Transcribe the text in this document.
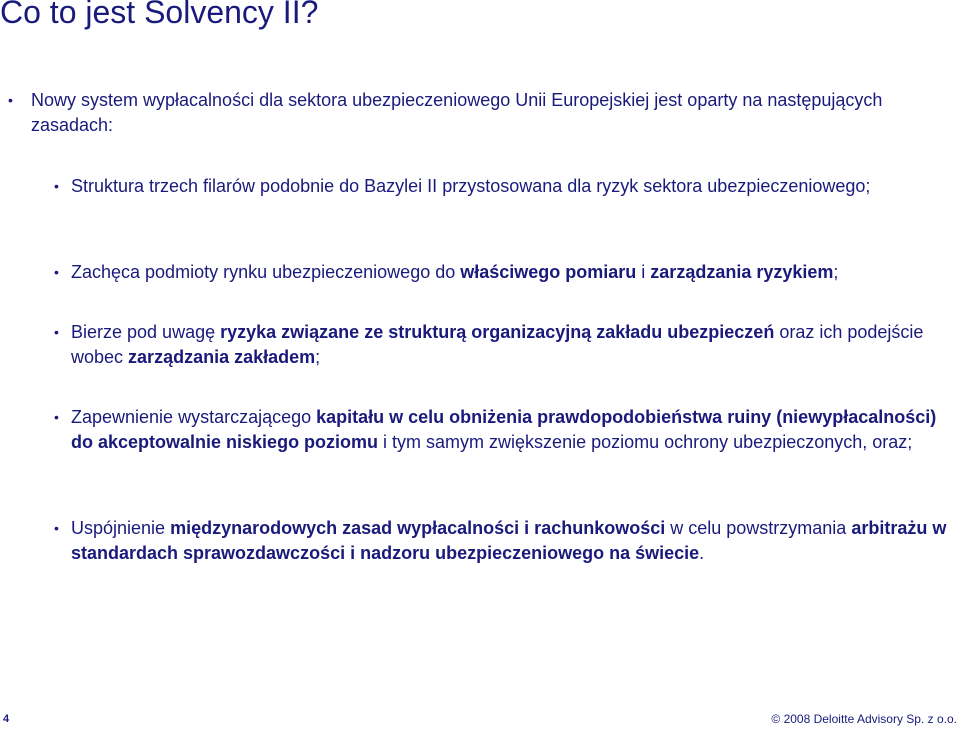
Co to jest Solvency II?
•	Nowy system wypłacalności dla sektora ubezpieczeniowego Unii Europejskiej jest oparty na następujących zasadach:
• Struktura trzech filarów podobnie do Bazylei II przystosowana dla ryzyk sektora ubezpieczeniowego;
• Zachęca podmioty rynku ubezpieczeniowego do właściwego pomiaru i zarządzania ryzykiem;
• Bierze pod uwagę ryzyka związane ze strukturą organizacyjną zakładu ubezpieczeń oraz ich podejście wobec zarządzania zakładem;
• Zapewnienie wystarczającego kapitału w celu obniżenia prawdopodobieństwa ruiny (niewypłacalności) do akceptowalnie niskiego poziomu i tym samym zwiększenie poziomu ochrony ubezpieczonych, oraz;
• Uspójnienie międzynarodowych zasad wypłacalności i rachunkowości w celu powstrzymania arbitrażu w standardach sprawozdawczości i nadzoru ubezpieczeniowego na świecie.
4	© 2008 Deloitte Advisory Sp. z o.o.
